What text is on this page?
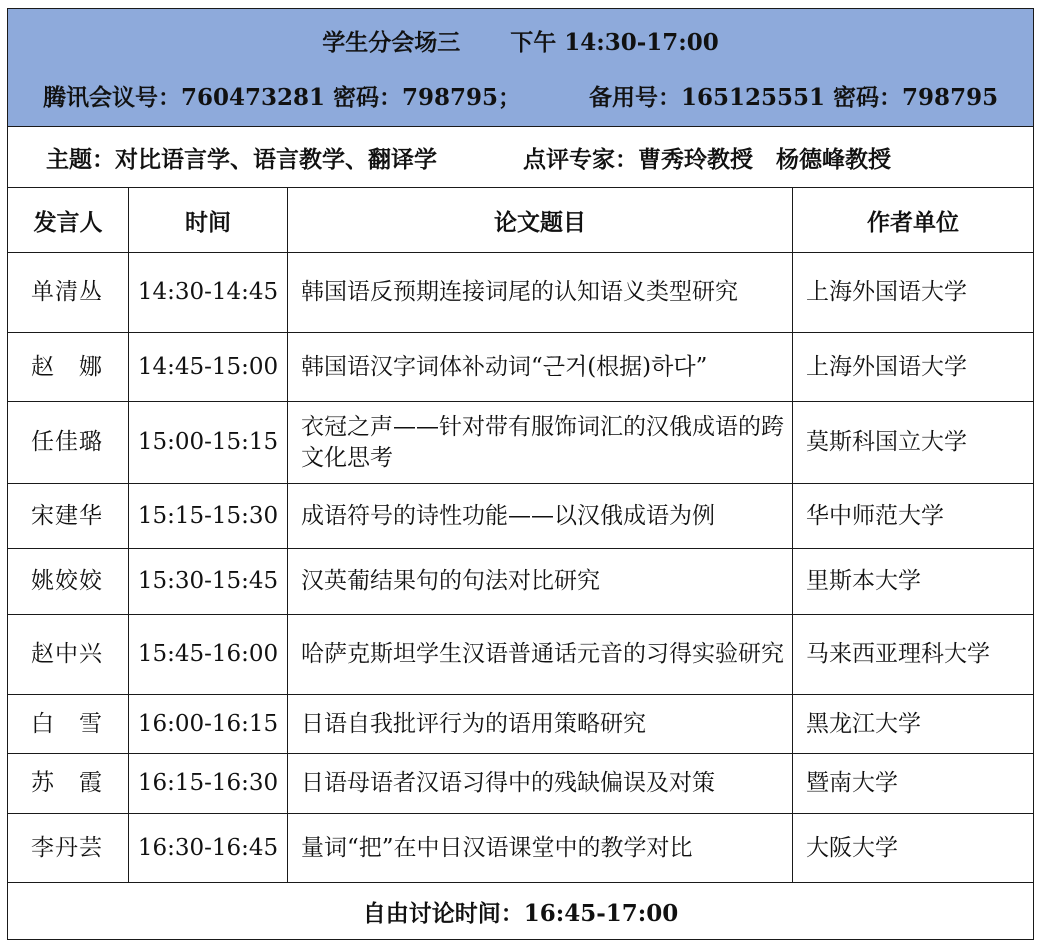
学生分会场三 下午 14:30-17:00
腾讯会议号：760473281 密码：798795； 备用号：165125551 密码：798795			

主题：对比语言学、语言教学、翻译学 点评专家：曹秀玲教授　杨德峰教授			
发言人	时间	论文题目	作者单位
单清丛	14:30-14:45	韩国语反预期连接词尾的认知语义类型研究	上海外国语大学
赵　娜	14:45-15:00	韩国语汉字词体补动词“근거(根据)하다”	上海外国语大学
任佳璐	15:00-15:15	衣冠之声——针对带有服饰词汇的汉俄成语的跨文化思考	莫斯科国立大学
宋建华	15:15-15:30	成语符号的诗性功能——以汉俄成语为例	华中师范大学
姚姣姣	15:30-15:45	汉英葡结果句的句法对比研究	里斯本大学
赵中兴	15:45-16:00	哈萨克斯坦学生汉语普通话元音的习得实验研究	马来西亚理科大学
白　雪	16:00-16:15	日语自我批评行为的语用策略研究	黑龙江大学
苏　霞	16:15-16:30	日语母语者汉语习得中的残缺偏误及对策	暨南大学
李丹芸	16:30-16:45	量词“把”在中日汉语课堂中的教学对比	大阪大学
自由讨论时间：16:45-17:00			
